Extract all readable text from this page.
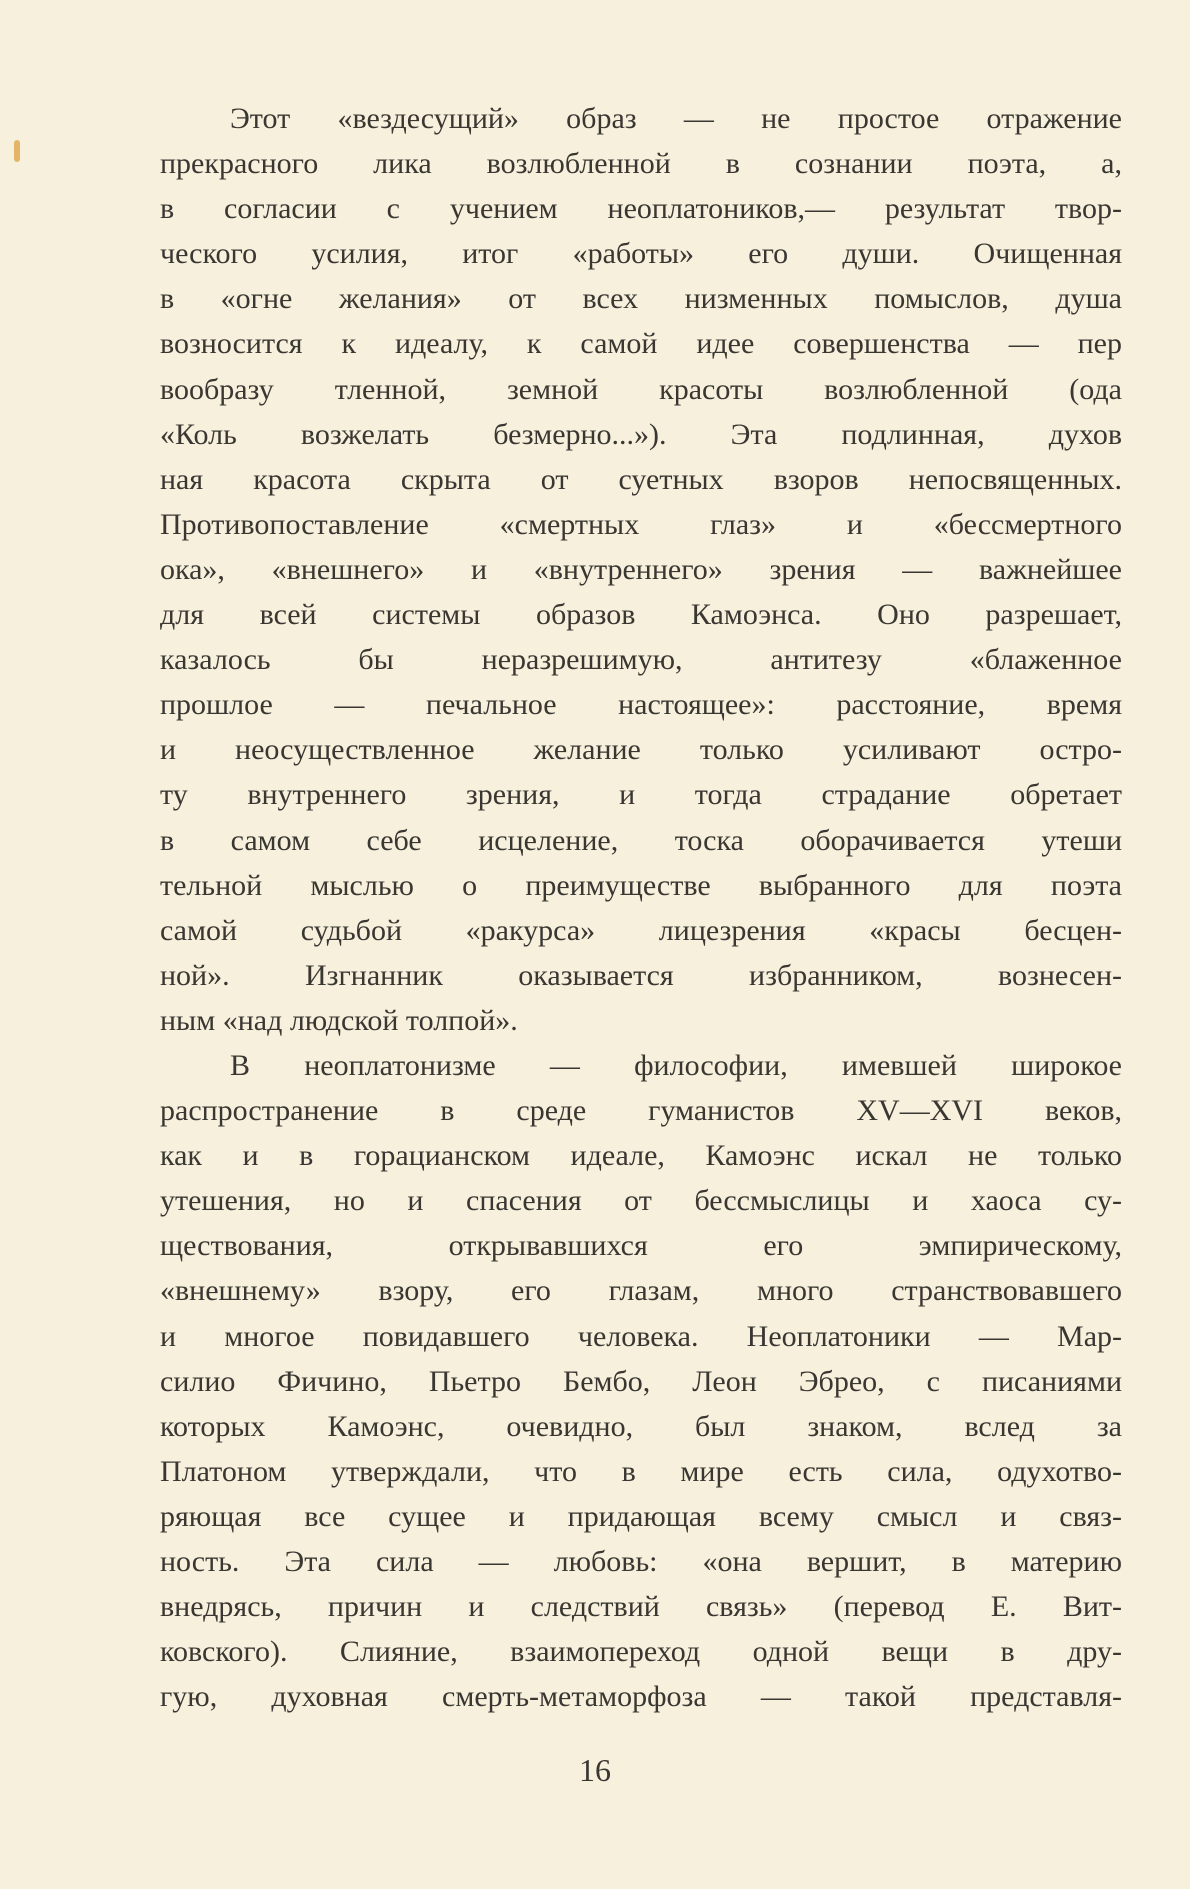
Этот «вездесущий» образ — не простое отражение
прекрасного лика возлюбленной в сознании поэта, а,
в согласии с учением неоплатоников,— результат твор-
ческого усилия, итог «работы» его души. Очищенная
в «огне желания» от всех низменных помыслов, душа
возносится к идеалу, к самой идее совершенства — пер
вообразу тленной, земной красоты возлюбленной (ода
«Коль возжелать безмерно...»). Эта подлинная, духов
ная красота скрыта от суетных взоров непосвященных.
Противопоставление «смертных глаз» и «бессмертного
ока», «внешнего» и «внутреннего» зрения — важнейшее
для всей системы образов Камоэнса. Оно разрешает,
казалось бы неразрешимую, антитезу «блаженное
прошлое — печальное настоящее»: расстояние, время
и неосуществленное желание только усиливают остро-
ту внутреннего зрения, и тогда страдание обретает
в самом себе исцеление, тоска оборачивается утеши
тельной мыслью о преимуществе выбранного для поэта
самой судьбой «ракурса» лицезрения «красы бесцен-
ной». Изгнанник оказывается избранником, вознесен-
ным «над людской толпой».
В неоплатонизме — философии, имевшей широкое
распространение в среде гуманистов XV—XVI веков,
как и в горацианском идеале, Камоэнс искал не только
утешения, но и спасения от бессмыслицы и хаоса су-
ществования, открывавшихся его эмпирическому,
«внешнему» взору, его глазам, много странствовавшего
и многое повидавшего человека. Неоплатоники — Мар-
силио Фичино, Пьетро Бембо, Леон Эбрео, с писаниями
которых Камоэнс, очевидно, был знаком, вслед за
Платоном утверждали, что в мире есть сила, одухотво-
ряющая все сущее и придающая всему смысл и связ-
ность. Эта сила — любовь: «она вершит, в материю
внедрясь, причин и следствий связь» (перевод Е. Вит-
ковского). Слияние, взаимопереход одной вещи в дру-
гую, духовная смерть-метаморфоза — такой представля-
16
